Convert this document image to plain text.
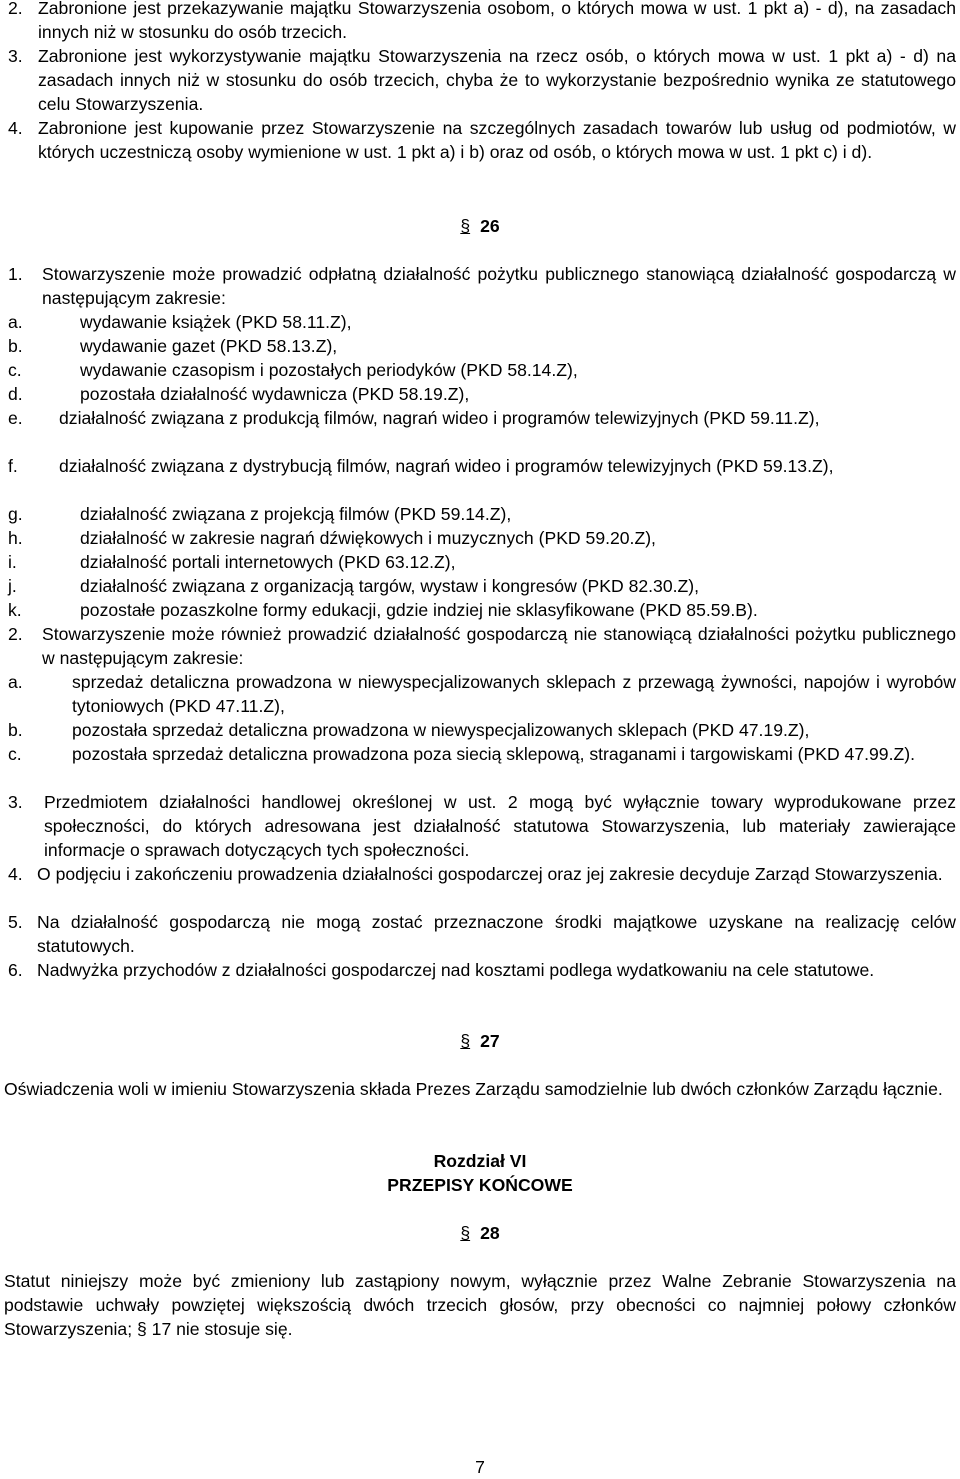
2. Zabronione jest przekazywanie majątku Stowarzyszenia osobom, o których mowa w ust. 1 pkt a) - d), na zasadach innych niż w stosunku do osób trzecich.
3. Zabronione jest wykorzystywanie majątku Stowarzyszenia na rzecz osób, o których mowa w ust. 1 pkt a) - d) na zasadach innych niż w stosunku do osób trzecich, chyba że to wykorzystanie bezpośrednio wynika ze statutowego celu Stowarzyszenia.
4. Zabronione jest kupowanie przez Stowarzyszenie na szczególnych zasadach towarów lub usług od podmiotów, w których uczestniczą osoby wymienione w ust. 1 pkt a) i b) oraz od osób, o których mowa w ust. 1 pkt c) i d).
§ 26
1.	Stowarzyszenie może prowadzić odpłatną działalność pożytku publicznego stanowiącą działalność gospodarczą w następującym zakresie:
a.	wydawanie książek (PKD 58.11.Z),
b.	wydawanie gazet (PKD 58.13.Z),
c.	wydawanie czasopism i pozostałych periodyków (PKD 58.14.Z),
d.	pozostała działalność wydawnicza (PKD 58.19.Z),
e.	działalność związana z produkcją filmów, nagrań wideo i programów telewizyjnych (PKD 59.11.Z),
f.	działalność związana z dystrybucją filmów, nagrań wideo i programów telewizyjnych (PKD 59.13.Z),
g.	działalność związana z projekcją filmów (PKD 59.14.Z),
h.	działalność w zakresie nagrań dźwiękowych i muzycznych (PKD 59.20.Z),
i.	działalność portali internetowych (PKD 63.12.Z),
j.	działalność związana z organizacją targów, wystaw i kongresów (PKD 82.30.Z),
k.	pozostałe pozaszkolne formy edukacji, gdzie indziej nie sklasyfikowane (PKD 85.59.B).
2.	Stowarzyszenie może również prowadzić działalność gospodarczą nie stanowiącą działalności pożytku publicznego w następującym zakresie:
a.	sprzedaż detaliczna prowadzona w niewyspecjalizowanych sklepach z przewagą żywności, napojów i wyrobów tytoniowych (PKD 47.11.Z),
b.	pozostała sprzedaż detaliczna prowadzona w niewyspecjalizowanych sklepach (PKD 47.19.Z),
c.	pozostała sprzedaż detaliczna prowadzona poza siecią sklepową, straganami i targowiskami (PKD 47.99.Z).
3.	Przedmiotem działalności handlowej określonej w ust. 2 mogą być wyłącznie towary wyprodukowane przez społeczności, do których adresowana jest działalność statutowa Stowarzyszenia, lub materiały zawierające informacje o sprawach dotyczących tych społeczności.
4. O podjęciu i zakończeniu prowadzenia działalności gospodarczej oraz jej zakresie decyduje Zarząd Stowarzyszenia.
5. Na działalność gospodarczą nie mogą zostać przeznaczone środki majątkowe uzyskane na realizację celów statutowych.
6. Nadwyżka przychodów z działalności gospodarczej nad kosztami podlega wydatkowaniu na cele statutowe.
§ 27
Oświadczenia woli w imieniu Stowarzyszenia składa Prezes Zarządu samodzielnie lub dwóch członków Zarządu łącznie.
Rozdział VI
PRZEPISY KOŃCOWE
§ 28
Statut niniejszy może być zmieniony lub zastąpiony nowym, wyłącznie przez Walne Zebranie Stowarzyszenia na podstawie uchwały powziętej większością dwóch trzecich głosów, przy obecności co najmniej połowy członków Stowarzyszenia; § 17 nie stosuje się.
7
